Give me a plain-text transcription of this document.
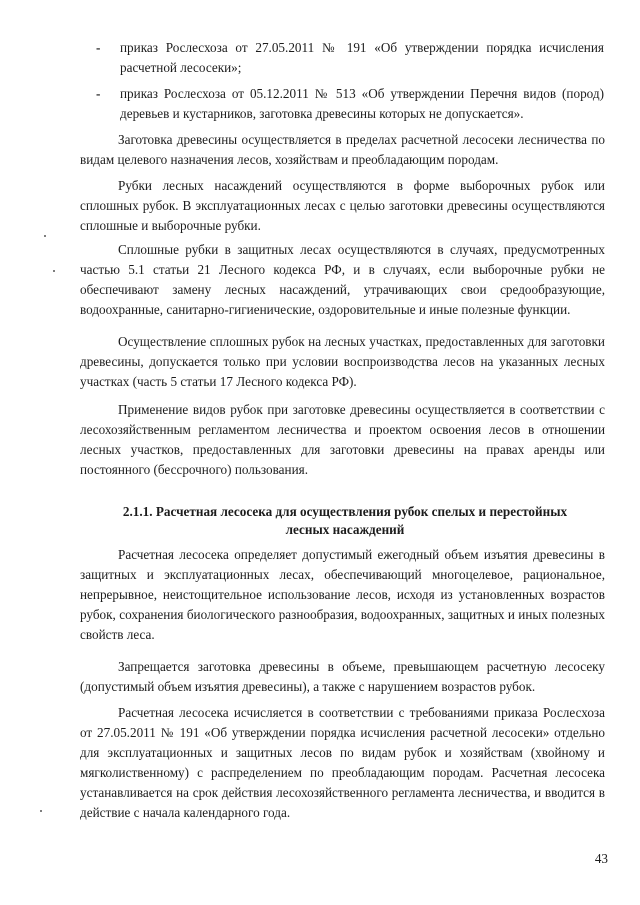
-	приказ Рослесхоза от 27.05.2011 № 191 «Об утверждении порядка исчисления расчетной лесосеки»;

-	приказ Рослесхоза от 05.12.2011 № 513 «Об утверждении Перечня видов (пород) деревьев и кустарников, заготовка древесины которых не допускается».

Заготовка древесины осуществляется в пределах расчетной лесосеки лесничества по видам целевого назначения лесов, хозяйствам и преобладающим породам.

Рубки лесных насаждений осуществляются в форме выборочных рубок или сплошных рубок. В эксплуатационных лесах с целью заготовки древесины осуществляются сплошные и выборочные рубки.

Сплошные рубки в защитных лесах осуществляются в случаях, предусмотренных частью 5.1 статьи 21 Лесного кодекса РФ, и в случаях, если выборочные рубки не обеспечивают замену лесных насаждений, утрачивающих свои средообразующие, водоохранные, санитарно-гигиенические, оздоровительные и иные полезные функции.

Осуществление сплошных рубок на лесных участках, предоставленных для заготовки древесины, допускается только при условии воспроизводства лесов на указанных лесных участках (часть 5 статьи 17 Лесного кодекса РФ).

Применение видов рубок при заготовке древесины осуществляется в соответствии с лесохозяйственным регламентом лесничества и проектом освоения лесов в отношении лесных участков, предоставленных для заготовки древесины на правах аренды или постоянного (бессрочного) пользования.

2.1.1. Расчетная лесосека для осуществления рубок спелых и перестойных лесных насаждений

Расчетная лесосека определяет допустимый ежегодный объем изъятия древесины в защитных и эксплуатационных лесах, обеспечивающий многоцелевое, рациональное, непрерывное, неистощительное использование лесов, исходя из установленных возрастов рубок, сохранения биологического разнообразия, водоохранных, защитных и иных полезных свойств леса.

Запрещается заготовка древесины в объеме, превышающем расчетную лесосеку (допустимый объем изъятия древесины), а также с нарушением возрастов рубок.

Расчетная лесосека исчисляется в соответствии с требованиями приказа Рослесхоза от 27.05.2011 № 191 «Об утверждении порядка исчисления расчетной лесосеки» отдельно для эксплуатационных и защитных лесов по видам рубок и хозяйствам (хвойному и мягколиственному) с распределением по преобладающим породам. Расчетная лесосека устанавливается на срок действия лесохозяйственного регламента лесничества, и вводится в действие с начала календарного года.

43
